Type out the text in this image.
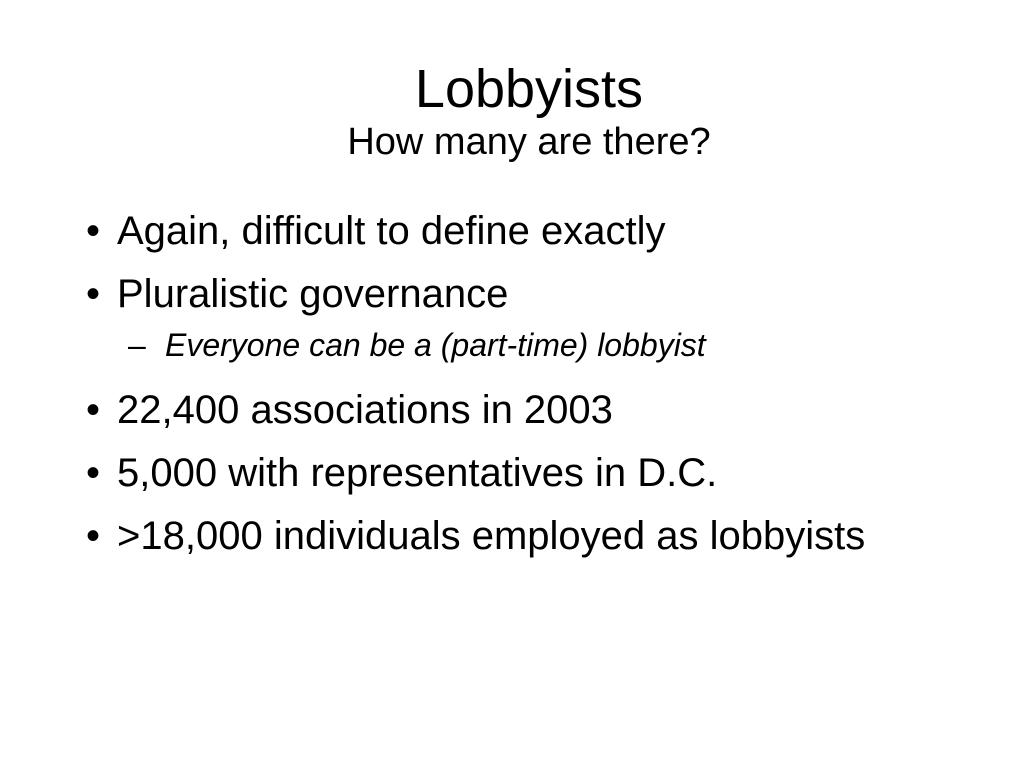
Lobbyists
How many are there?
• Again, difficult to define exactly
• Pluralistic governance
– Everyone can be a (part-time) lobbyist
• 22,400 associations in 2003
• 5,000 with representatives in D.C.
• >18,000 individuals employed as lobbyists
